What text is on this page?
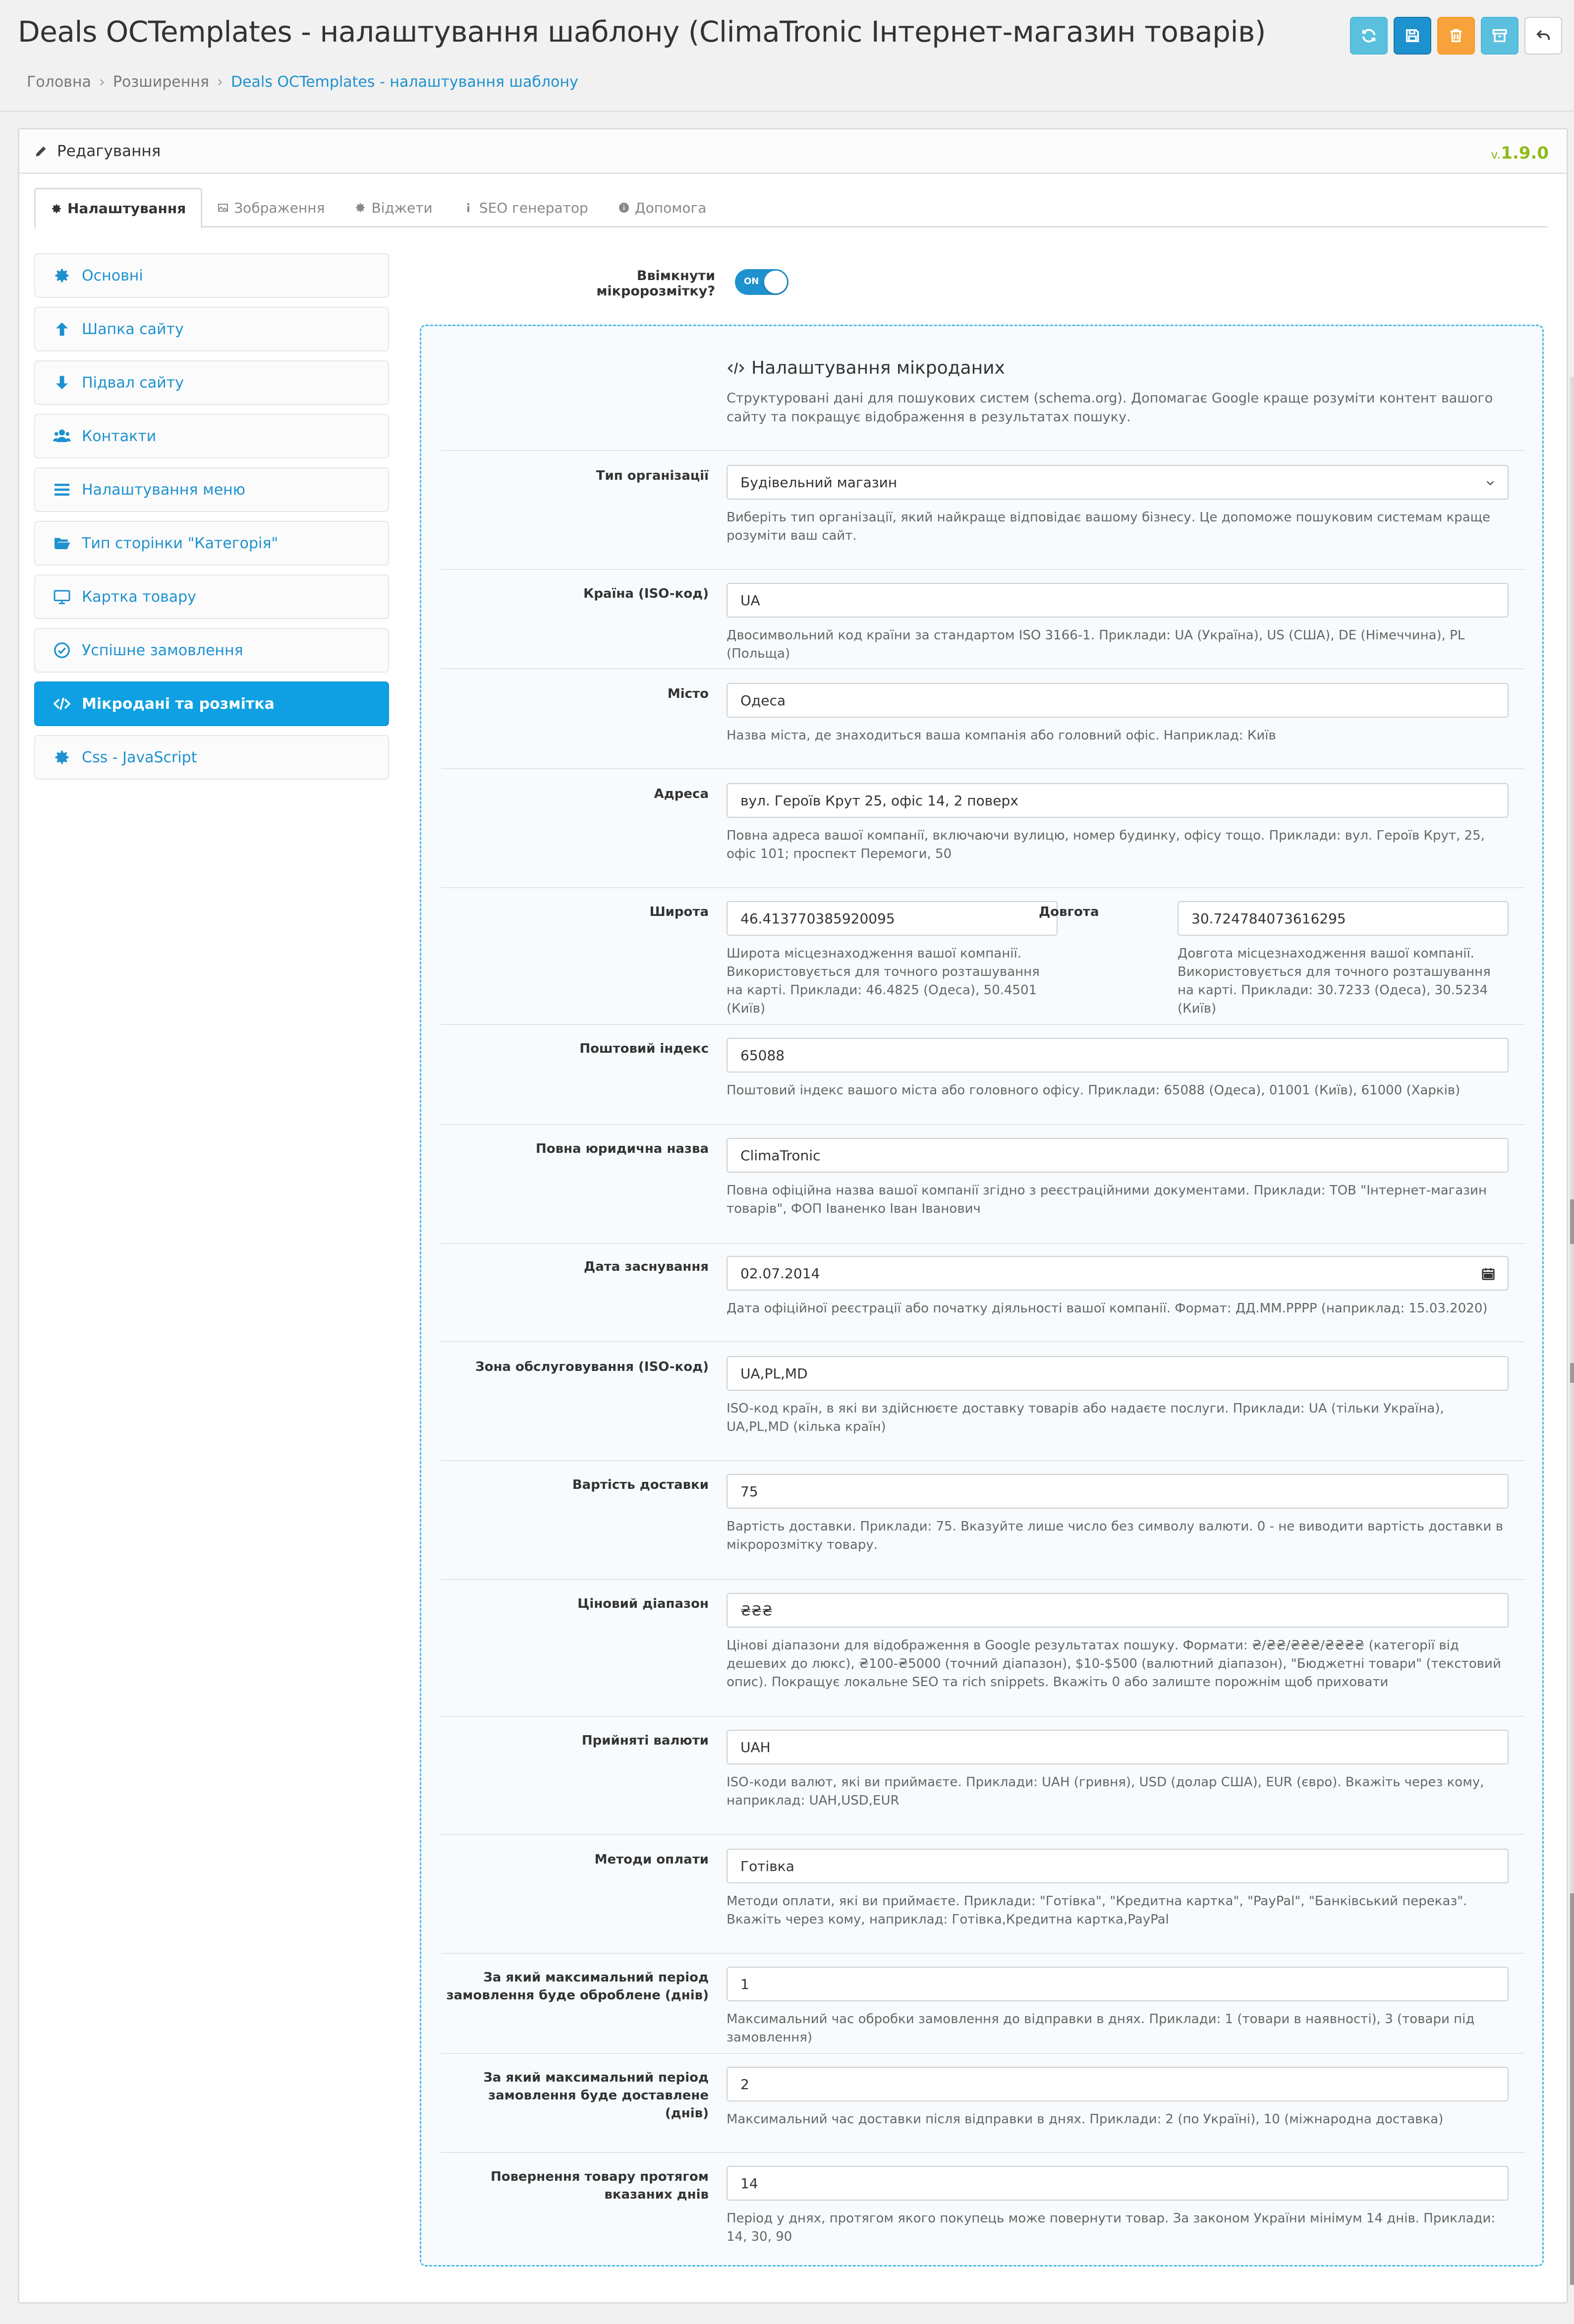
Deals OCTemplates - налаштування шаблону (ClimaTronic Інтернет-магазин товарів)
Головна › Розширення › Deals OCTemplates - налаштування шаблону
Редагування	v.1.9.0
Налаштування	Зображення	Віджети	SEO генератор	Допомога
Основні
Шапка сайту
Підвал сайту
Контакти
Налаштування меню
Тип сторінки "Категорія"
Картка товару
Успішне замовлення
Мікродані та розмітка
Css - JavaScript
Ввімкнути мікророзмітку?
ON
Налаштування мікроданих
Структуровані дані для пошукових систем (schema.org). Допомагає Google краще розуміти контент вашого сайту та покращує відображення в результатах пошуку.
Тип організації Будівельний магазин
Виберіть тип організації, який найкраще відповідає вашому бізнесу. Це допоможе пошуковим системам краще розуміти ваш сайт.
Країна (ISO-код)	UA
Двосимвольний код країни за стандартом ISO 3166-1. Приклади: UA (Україна), US (США), DE (Німеччина), PL (Польща)
Місто	Одеса
Назва міста, де знаходиться ваша компанія або головний офіс. Наприклад: Київ
Адреса	вул. Героїв Крут 25, офіс 14, 2 поверх
Повна адреса вашої компанії, включаючи вулицю, номер будинку, офісу тощо. Приклади: вул. Героїв Крут, 25, офіс 101; проспект Перемоги, 50
Широта	46.413770385920095
Широта місцезнаходження вашої компанії. Використовується для точного розташування на карті. Приклади: 46.4825 (Одеса), 50.4501 (Київ)
Довгота	30.724784073616295
Довгота місцезнаходження вашої компанії. Використовується для точного розташування на карті. Приклади: 30.7233 (Одеса), 30.5234 (Київ)
Поштовий індекс	65088
Поштовий індекс вашого міста або головного офісу. Приклади: 65088 (Одеса), 01001 (Київ), 61000 (Харків)
Повна юридична назва	ClimaTronic
Повна офіційна назва вашої компанії згідно з реєстраційними документами. Приклади: ТОВ "Інтернет-магазин товарів", ФОП Іваненко Іван Іванович
Дата заснування 02.07.2014
Дата офіційної реєстрації або початку діяльності вашої компанії. Формат: ДД.ММ.РРРР (наприклад: 15.03.2020)
Зона обслуговування (ISO-код)	UA,PL,MD
ISO-код країн, в які ви здійснюєте доставку товарів або надаєте послуги. Приклади: UA (тільки Україна), UA,PL,MD (кілька країн)
Вартість доставки	75
Вартість доставки. Приклади: 75. Вказуйте лише число без символу валюти. 0 - не виводити вартість доставки в мікророзмітку товару.
Ціновий діапазон	₴₴₴
Цінові діапазони для відображення в Google результатах пошуку. Формати: ₴/₴₴/₴₴₴/₴₴₴₴ (категорії від дешевих до люкс), ₴100-₴5000 (точний діапазон), $10-$500 (валютний діапазон), "Бюджетні товари" (текстовий опис). Покращує локальне SEO та rich snippets. Вкажіть 0 або залиште порожнім щоб приховати
Прийняті валюти	UAH
ISO-коди валют, які ви приймаєте. Приклади: UAH (гривня), USD (долар США), EUR (євро). Вкажіть через кому, наприклад: UAH,USD,EUR
Методи оплати	Готівка
Методи оплати, які ви приймаєте. Приклади: "Готівка", "Кредитна картка", "PayPal", "Банківський переказ". Вкажіть через кому, наприклад: Готівка,Кредитна картка,PayPal
За який максимальний період замовлення буде оброблене (днів)
1
Максимальний час обробки замовлення до відправки в днях. Приклади: 1 (товари в наявності), 3 (товари під замовлення)
За який максимальний період замовлення буде доставлене (днів)
2
Максимальний час доставки після відправки в днях. Приклади: 2 (по Україні), 10 (міжнародна доставка)
Повернення товару протягом вказаних днів
14
Період у днях, протягом якого покупець може повернути товар. За законом України мінімум 14 днів. Приклади: 14, 30, 90
